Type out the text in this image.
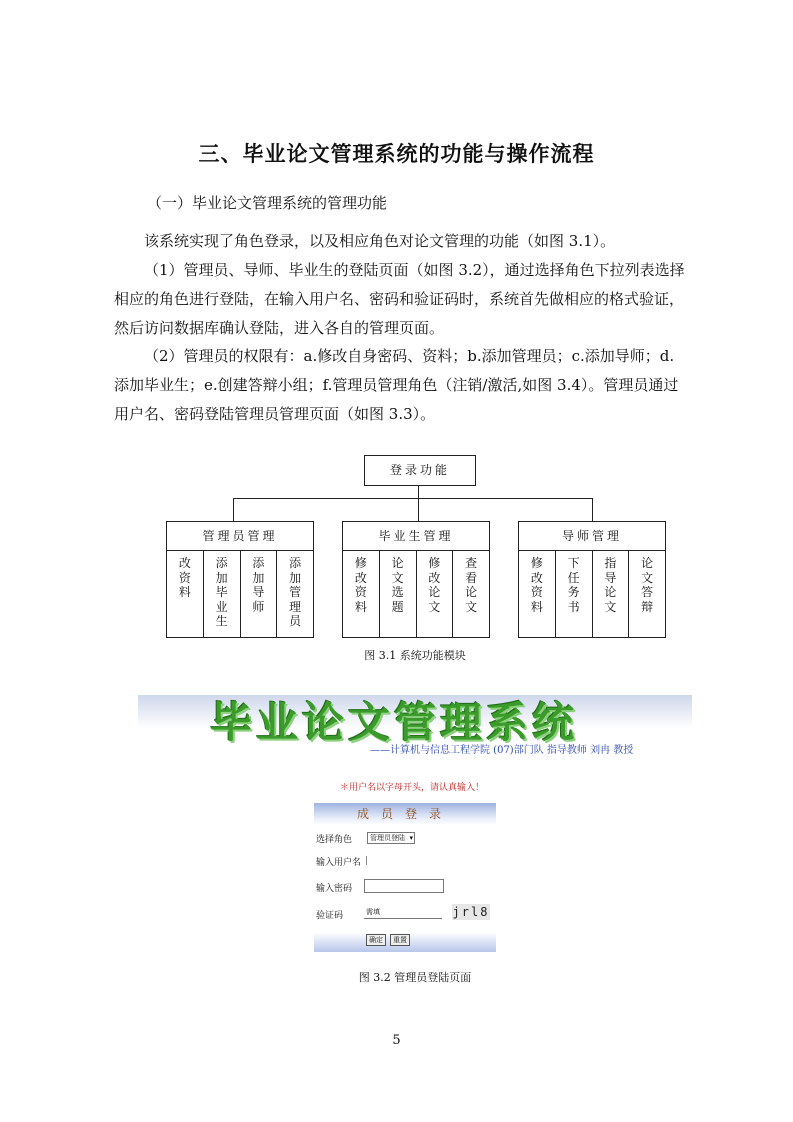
三、毕业论文管理系统的功能与操作流程
（一）毕业论文管理系统的管理功能
该系统实现了角色登录，以及相应角色对论文管理的功能（如图 3.1）。
（1）管理员、导师、毕业生的登陆页面（如图 3.2），通过选择角色下拉列表选择
相应的角色进行登陆，在输入用户名、密码和验证码时，系统首先做相应的格式验证，
然后访问数据库确认登陆，进入各自的管理页面。
（2）管理员的权限有：a.修改自身密码、资料；b.添加管理员；c.添加导师；d.
添加毕业生；e.创建答辩小组；f.管理员管理角色（注销/激活,如图 3.4）。管理员通过
用户名、密码登陆管理员管理页面（如图 3.3）。
登录功能
管理员管理
改资料
添加毕业生
添加导师
添加管理员
毕业生管理
修改资料
论文选题
修改论文
查看论文
导师管理
修改资料
下任务书
指导论文
论文答辩
图 3.1 系统功能模块
毕业论文管理系统
——计算机与信息工程学院 (07)部门队 指导教师 刘冉 教授
＊用户名以字母开头，请认真输入！
成员登录
选择角色	管理员登陆 ▾
输入用户名
输入密码
验证码	需填	jrl8
确定	重置
图 3.2 管理员登陆页面
5
